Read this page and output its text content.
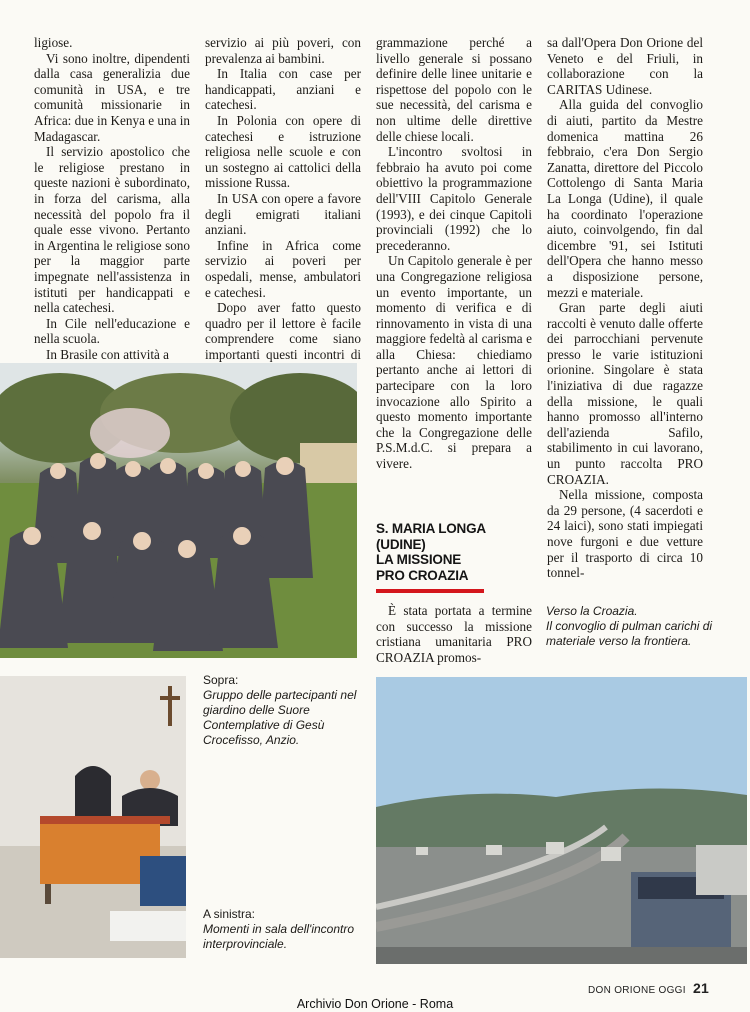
ligiose.

Vi sono inoltre, dipendenti dalla casa generalizia due comunità in USA, e tre comunità missionarie in Africa: due in Kenya e una in Madagascar.

Il servizio apostolico che le religiose prestano in queste nazioni è subordinato, in forza del carisma, alla necessità del popolo fra il quale esse vivono. Pertanto in Argentina le religiose sono per la maggior parte impegnate nell'assistenza in istituti per handicappati e nella catechesi.

In Cile nell'educazione e nella scuola.

In Brasile con attività a

servizio ai più poveri, con prevalenza ai bambini.

In Italia con case per handicappati, anziani e catechesi.

In Polonia con opere di catechesi e istruzione religiosa nelle scuole e con un sostegno ai cattolici della missione Russa.

In USA con opere a favore degli emigrati italiani anziani.

Infine in Africa come servizio ai poveri per ospedali, mense, ambulatori e catechesi.

Dopo aver fatto questo quadro per il lettore è facile comprendere come siano importanti questi incontri di

grammazione perché a livello generale si possano definire delle linee unitarie e rispettose del popolo con le sue necessità, del carisma e non ultime delle direttive delle chiese locali.

L'incontro svoltosi in febbraio ha avuto poi come obiettivo la programmazione dell'VIII Capitolo Generale (1993), e dei cinque Capitoli provinciali (1992) che lo precederanno.

Un Capitolo generale è per una Congregazione religiosa un evento importante, un momento di verifica e di rinnovamento in vista di una maggiore fedeltà al carisma e alla Chiesa: chiediamo pertanto anche ai lettori di partecipare con la loro invocazione allo Spirito a questo momento importante che la Congregazione delle P.S.M.d.C. si prepara a vivere.

sa dall'Opera Don Orione del Veneto e del Friuli, in collaborazione con la CARITAS Udinese.

Alla guida del convoglio di aiuti, partito da Mestre domenica mattina 26 febbraio, c'era Don Sergio Zanatta, direttore del Piccolo Cottolengo di Santa Maria La Longa (Udine), il quale ha coordinato l'operazione aiuto, coinvolgendo, fin dal dicembre '91, sei Istituti dell'Opera che hanno messo a disposizione persone, mezzi e materiale.

Gran parte degli aiuti raccolti è venuto dalle offerte dei parrocchiani pervenute presso le varie istituzioni orionine. Singolare è stata l'iniziativa di due ragazze della missione, le quali hanno promosso all'interno dell'azienda Safilo, stabilimento in cui lavorano, un punto raccolta PRO CROAZIA.

Nella missione, composta da 29 persone, (4 sacerdoti e 24 laici), sono stati impiegati nove furgoni e due vetture per il trasporto di circa 10 tonnel-

S. MARIA LONGA
(UDINE)
LA MISSIONE
PRO CROAZIA

È stata portata a termine con successo la missione cristiana umanitaria PRO CROAZIA promos-

Sopra:
Gruppo delle partecipanti nel giardino delle Suore Contemplative di Gesù Crocefisso, Anzio.
A sinistra:
Momenti in sala dell'incontro interprovinciale.
Verso la Croazia.
Il convoglio di pulman carichi di materiale verso la frontiera.
DON ORIONE OGGI 21
Archivio Don Orione - Roma
